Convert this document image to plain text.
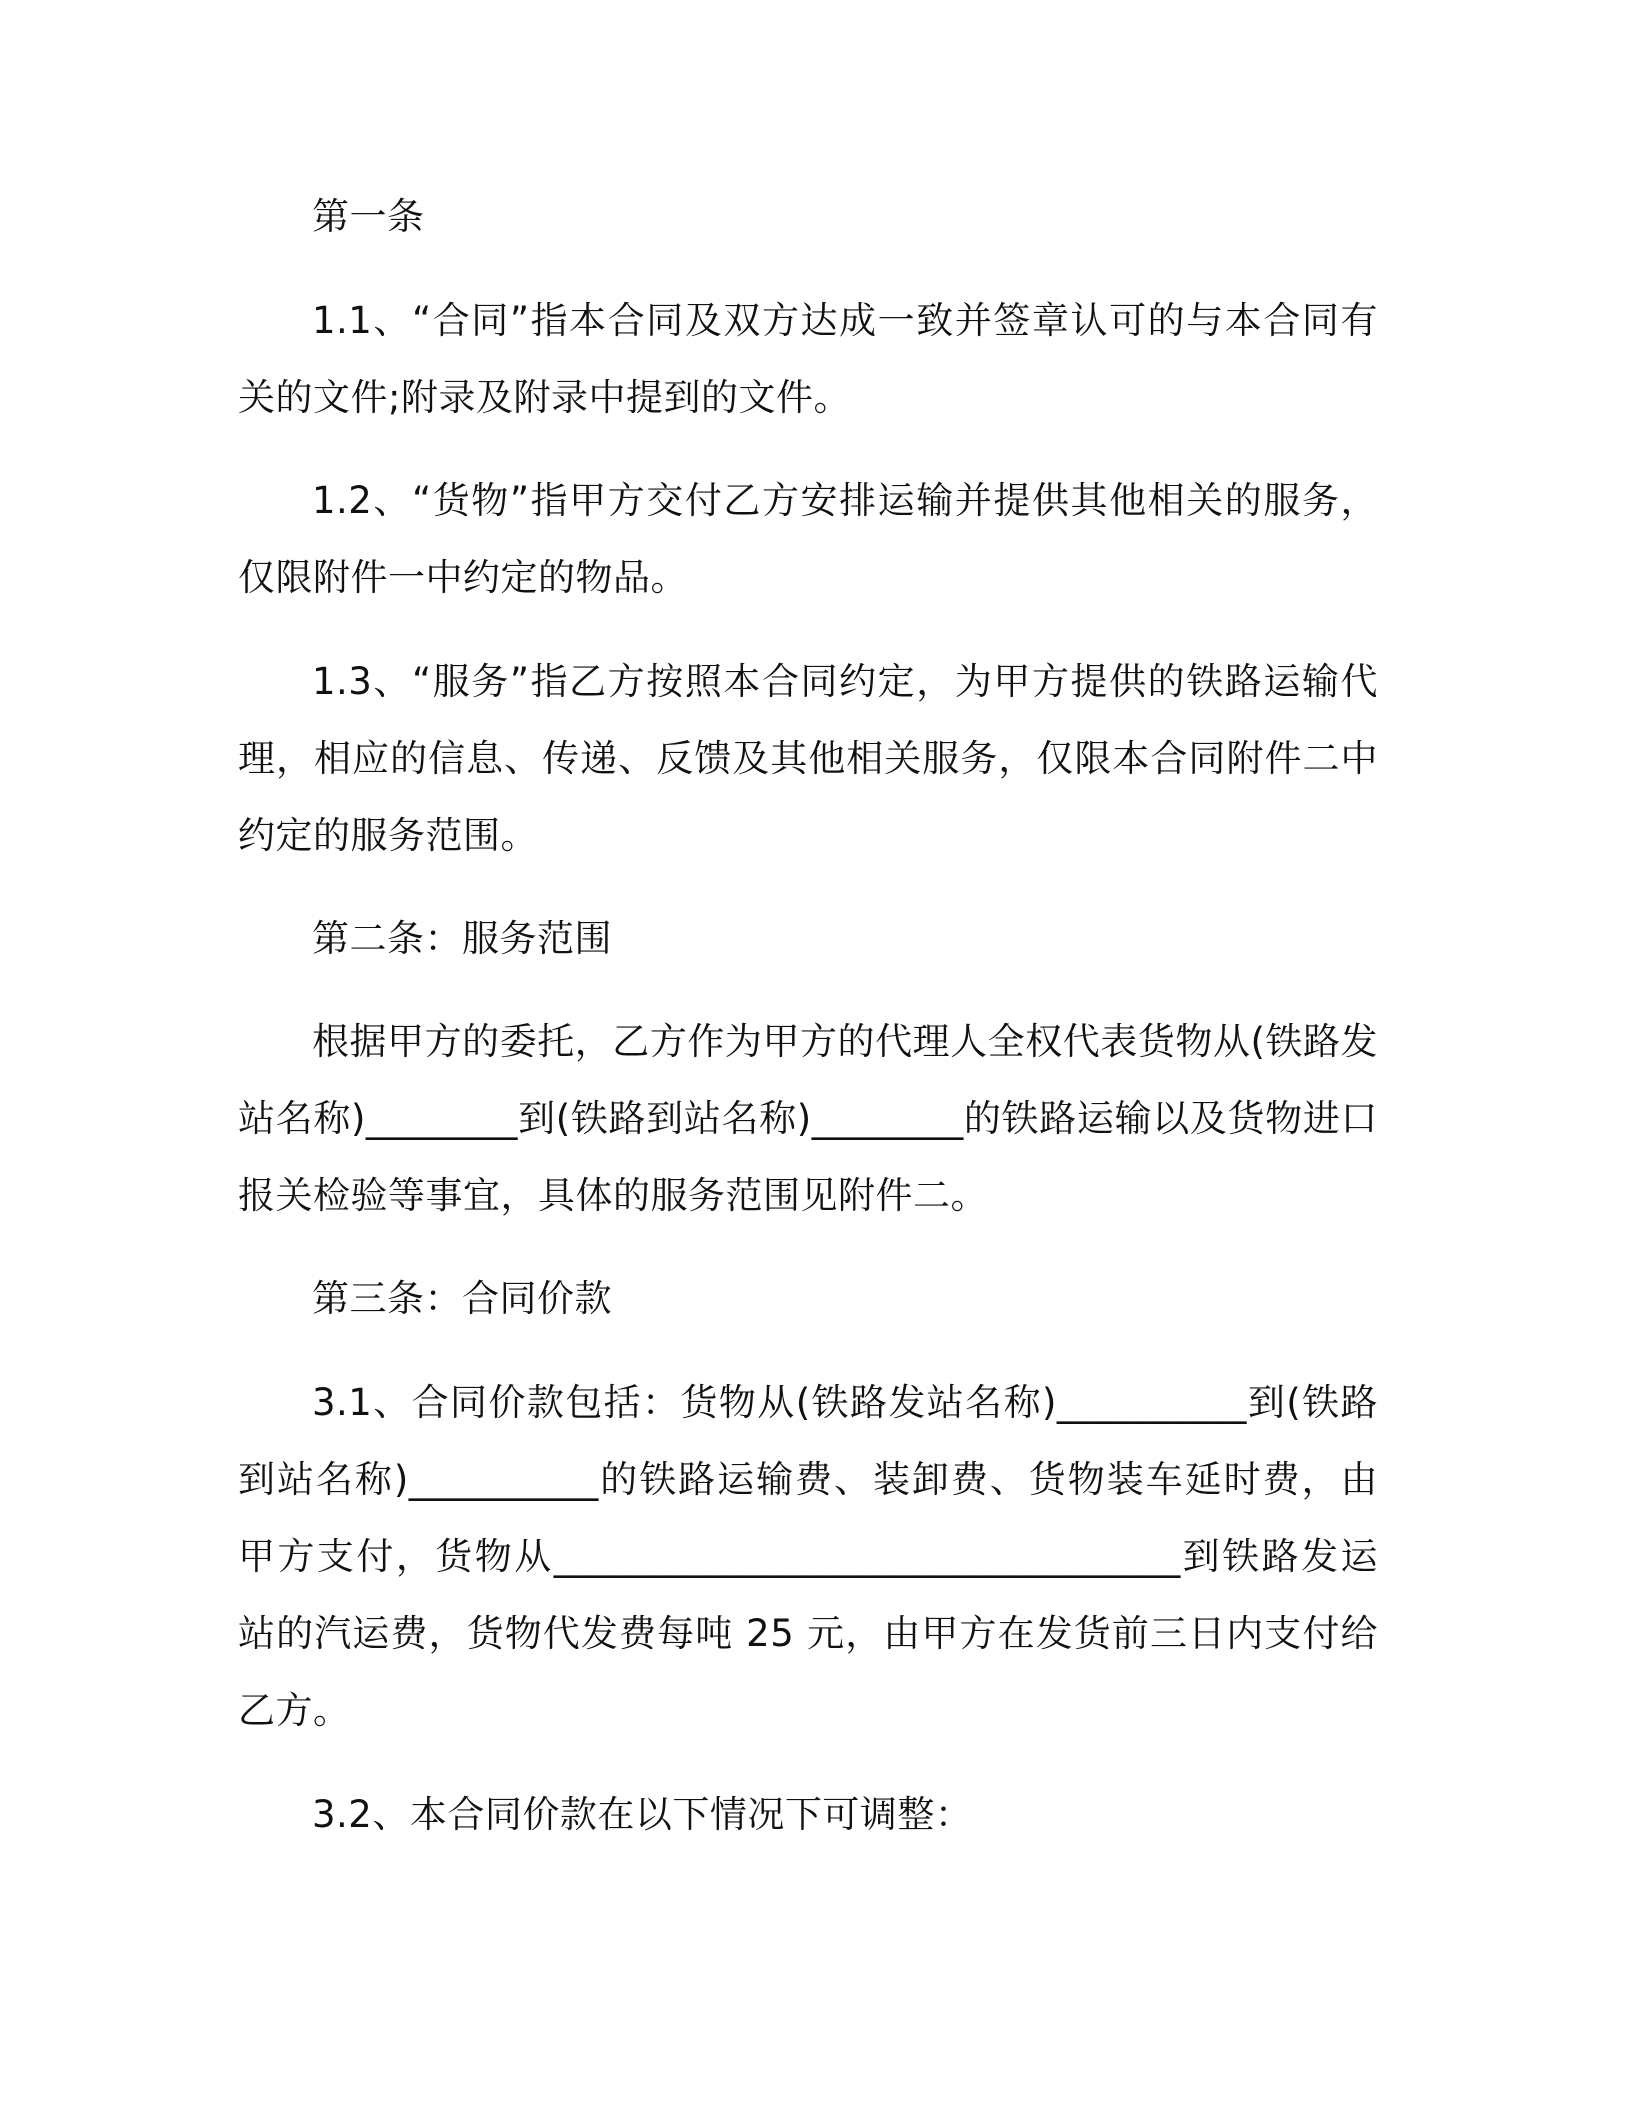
第一条

1.1、“合同”指本合同及双方达成一致并签章认可的与本合同有关的文件;附录及附录中提到的文件。

1.2、“货物”指甲方交付乙方安排运输并提供其他相关的服务，仅限附件一中约定的物品。

1.3、“服务”指乙方按照本合同约定，为甲方提供的铁路运输代理，相应的信息、传递、反馈及其他相关服务，仅限本合同附件二中约定的服务范围。

第二条：服务范围

根据甲方的委托，乙方作为甲方的代理人全权代表货物从(铁路发站名称)________到(铁路到站名称)________的铁路运输以及货物进口报关检验等事宜，具体的服务范围见附件二。

第三条：合同价款

3.1、合同价款包括：货物从(铁路发站名称)__________到(铁路到站名称)__________的铁路运输费、装卸费、货物装车延时费，由甲方支付，货物从_________________________________到铁路发运站的汽运费，货物代发费每吨 25 元，由甲方在发货前三日内支付给乙方。

3.2、本合同价款在以下情况下可调整：
